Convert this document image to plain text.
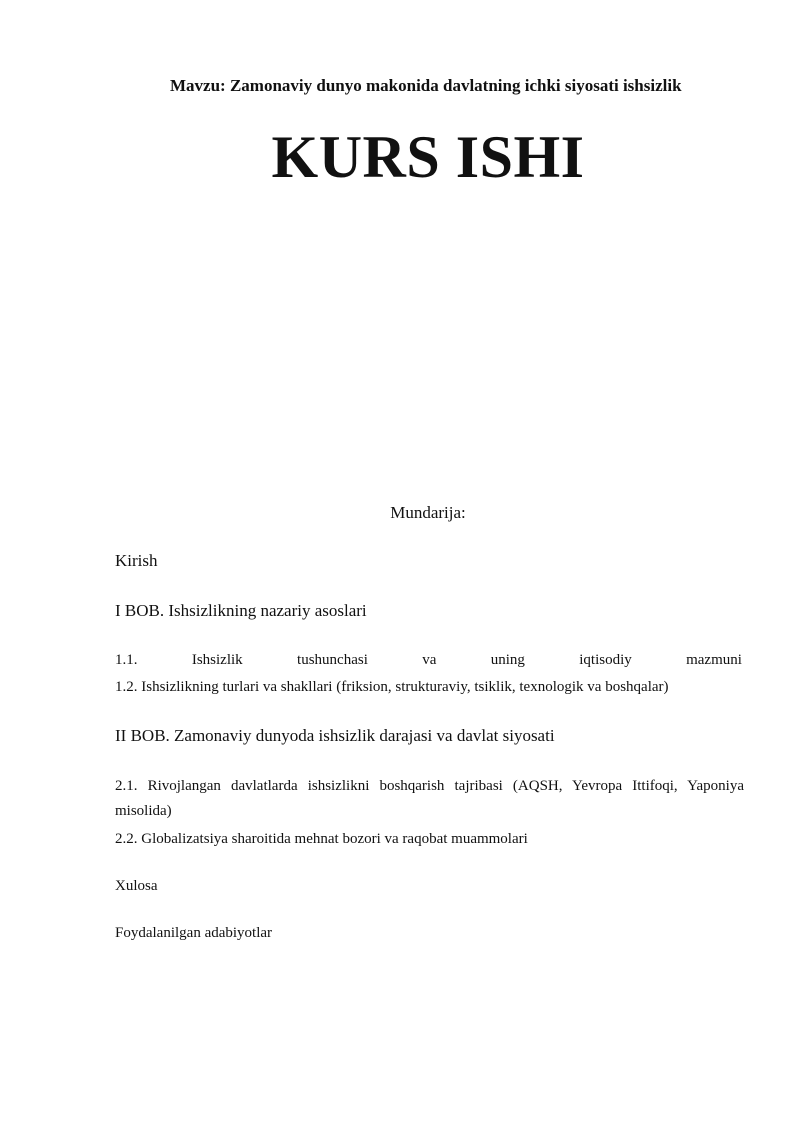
Mavzu: Zamonaviy dunyo makonida davlatning ichki siyosati ishsizlik
KURS ISHI
Mundarija:
Kirish
I BOB. Ishsizlikning nazariy asoslari
1.1.	Ishsizlik	tushunchasi	va	uning	iqtisodiy	mazmuni
1.2. Ishsizlikning turlari va shakllari (friksion, strukturaviy, tsiklik, texnologik va boshqalar)
II BOB. Zamonaviy dunyoda ishsizlik darajasi va davlat siyosati
2.1. Rivojlangan davlatlarda ishsizlikni boshqarish tajribasi (AQSH, Yevropa Ittifoqi, Yaponiya misolida)
2.2. Globalizatsiya sharoitida mehnat bozori va raqobat muammolari
Xulosa
Foydalanilgan adabiyotlar
